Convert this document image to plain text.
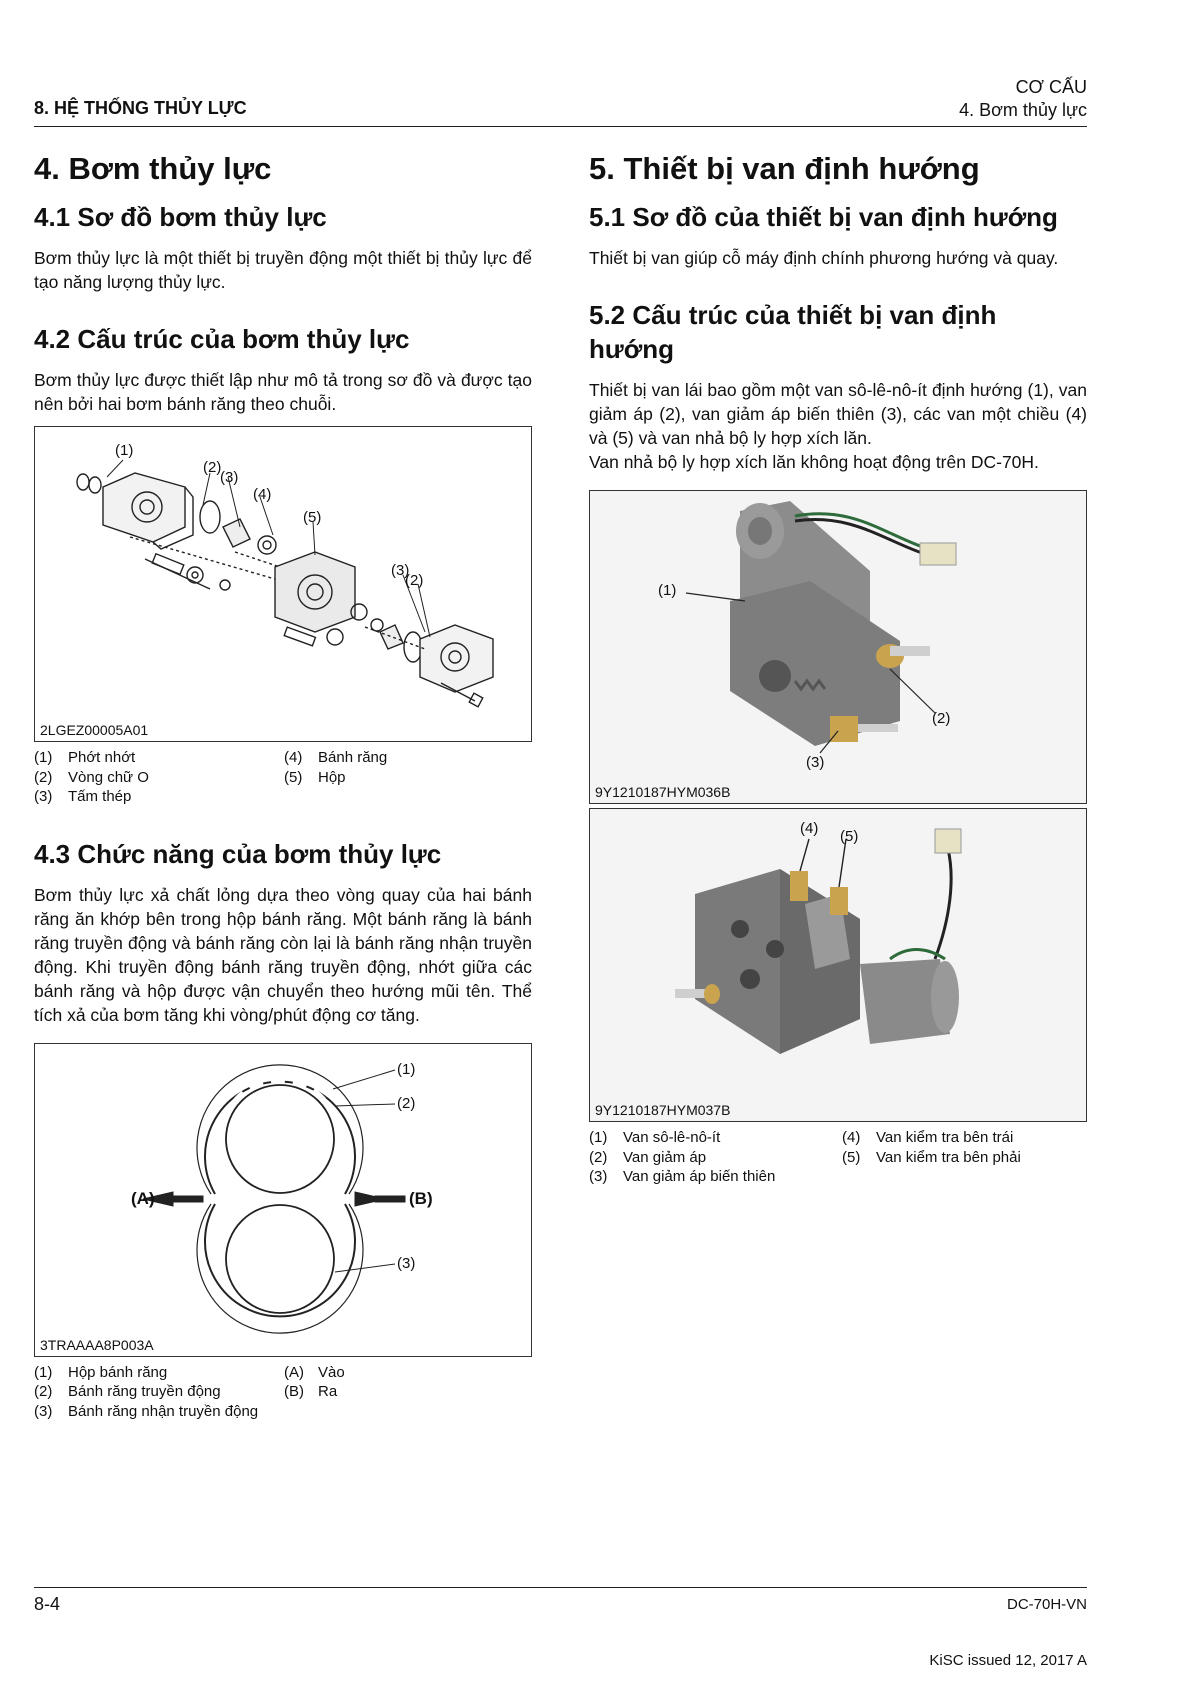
8. HỆ THỐNG THỦY LỰC
CƠ CẤU
4. Bơm thủy lực
4. Bơm thủy lực
4.1 Sơ đồ bơm thủy lực

Bơm thủy lực là một thiết bị truyền động một thiết bị thủy lực để tạo năng lượng thủy lực.

4.2 Cấu trúc của bơm thủy lực

Bơm thủy lực được thiết lập như mô tả trong sơ đồ và được tạo nên bởi hai bơm bánh răng theo chuỗi.

(1)
(2)
(3)
(4)
(5)
(3)
(2)
2LGEZ00005A01
(1)	Phớt nhớt	(4)	Bánh răng
(2)	Vòng chữ O	(5)	Hộp
(3)	Tấm thép
4.3 Chức năng của bơm thủy lực

Bơm thủy lực xả chất lỏng dựa theo vòng quay của hai bánh răng ăn khớp bên trong hộp bánh răng. Một bánh răng là bánh răng truyền động và bánh răng còn lại là bánh răng nhận truyền động. Khi truyền động bánh răng truyền động, nhớt giữa các bánh răng và hộp được vận chuyển theo hướng mũi tên. Thể tích xả của bơm tăng khi vòng/phút động cơ tăng.

(1)
(2)
(3)
(A)	(B)
3TRAAAA8P003A
(1)	Hộp bánh răng	(A) Vào
(2)	Bánh răng truyền động	(B) Ra
(3)	Bánh răng nhận truyền động
5. Thiết bị van định hướng
5.1 Sơ đồ của thiết bị van định hướng

Thiết bị van giúp cỗ máy định chính phương hướng và quay.

5.2 Cấu trúc của thiết bị van định hướng

Thiết bị van lái bao gồm một van sô-lê-nô-ít định hướng (1), van giảm áp (2), van giảm áp biến thiên (3), các van một chiều (4) và (5) và van nhả bộ ly hợp xích lăn.

Van nhả bộ ly hợp xích lăn không hoạt động trên DC-70H.

(1)
(2)
(3)
9Y1210187HYM036B
(4) (5)
9Y1210187HYM037B
(1)	Van sô-lê-nô-ít	(4)	Van kiểm tra bên trái
(2)	Van giảm áp	(5)	Van kiểm tra bên phải
(3)	Van giảm áp biến thiên
8-4	DC-70H-VN
KiSC issued 12, 2017 A
